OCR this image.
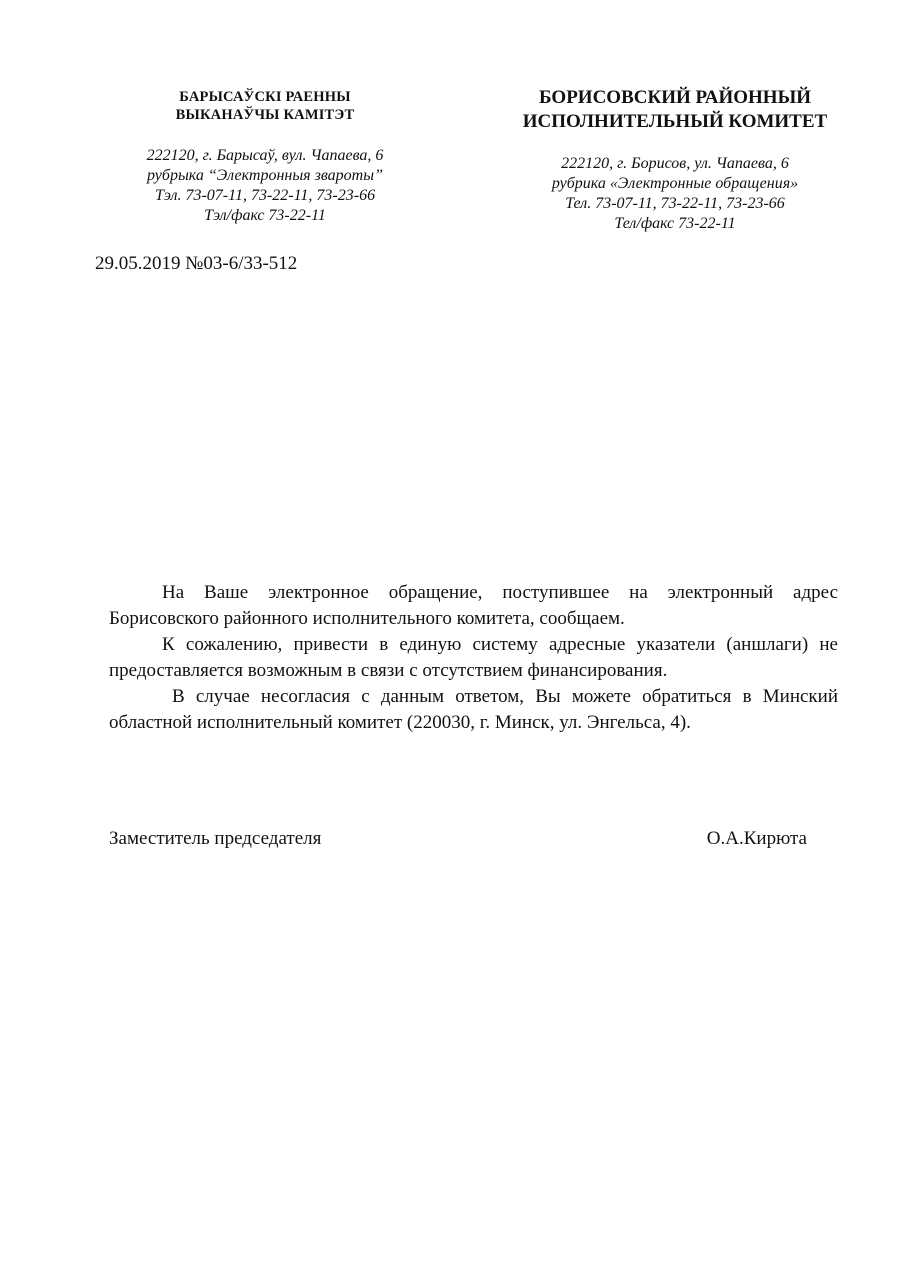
БАРЫСАЎСКІ РАЕННЫ
ВЫКАНАЎЧЫ КАМІТЭТ
222120, г. Барысаў, вул. Чапаева, 6
рубрыка “Электронныя звароты”
Тэл. 73-07-11, 73-22-11, 73-23-66
Тэл/факс 73-22-11
БОРИСОВСКИЙ РАЙОННЫЙ
ИСПОЛНИТЕЛЬНЫЙ КОМИТЕТ
222120, г. Борисов, ул. Чапаева, 6
рубрика «Электронные обращения»
Тел. 73-07-11, 73-22-11, 73-23-66
Тел/факс 73-22-11
29.05.2019 №03-6/33-512

На Ваше электронное обращение, поступившее на электронный адрес Борисовского районного исполнительного комитета, сообщаем.

К сожалению, привести в единую систему адресные указатели (аншлаги) не предоставляется возможным в связи с отсутствием финансирования.

В случае несогласия с данным ответом, Вы можете обратиться в Минский областной исполнительный комитет (220030, г. Минск, ул. Энгельса, 4).

Заместитель председателя	О.А.Кирюта
